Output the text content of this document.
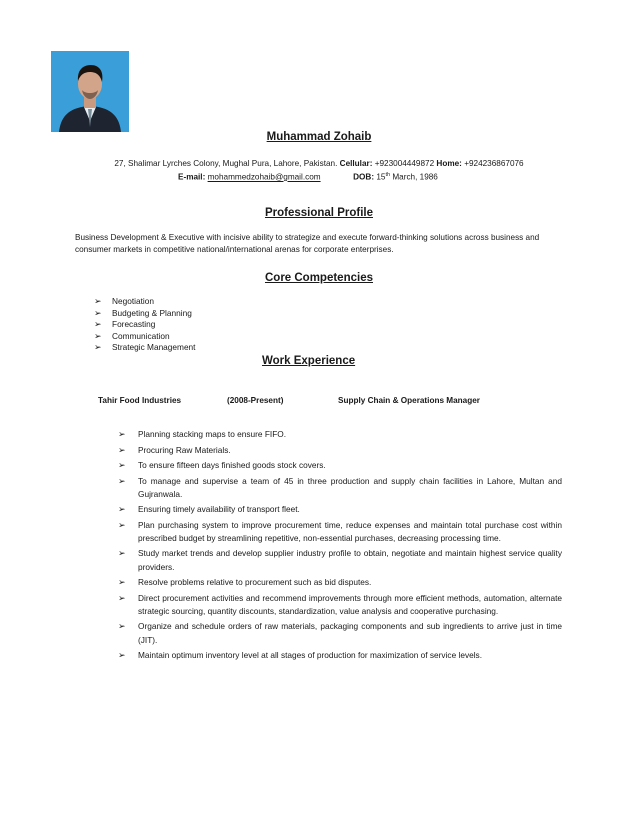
Muhammad Zohaib
27, Shalimar Lyrches Colony, Mughal Pura, Lahore, Pakistan. Cellular: +923004449872 Home: +924236867076
E-mail: mohammedzohaib@gmail.com	DOB: 15th March, 1986
Professional Profile
Business Development & Executive with incisive ability to strategize and execute forward-thinking solutions across business and consumer markets in competitive national/international arenas for corporate enterprises.
Core Competencies
➢ Negotiation
➢ Budgeting & Planning
➢ Forecasting
➢ Communication
➢ Strategic Management
Work Experience
Tahir Food Industries	(2008-Present)	Supply Chain & Operations Manager
➢ Planning stacking maps to ensure FIFO.
➢ Procuring Raw Materials.
➢ To ensure fifteen days finished goods stock covers.
➢ To manage and supervise a team of 45 in three production and supply chain facilities in Lahore, Multan and Gujranwala.
➢ Ensuring timely availability of transport fleet.
➢ Plan purchasing system to improve procurement time, reduce expenses and maintain total purchase cost within prescribed budget by streamlining repetitive, non-essential purchases, decreasing processing time.
➢ Study market trends and develop supplier industry profile to obtain, negotiate and maintain highest service quality providers.
➢ Resolve problems relative to procurement such as bid disputes.
➢ Direct procurement activities and recommend improvements through more efficient methods, automation, alternate strategic sourcing, quantity discounts, standardization, value analysis and cooperative purchasing.
➢ Organize and schedule orders of raw materials, packaging components and sub ingredients to arrive just in time (JIT).
➢ Maintain optimum inventory level at all stages of production for maximization of service levels.
